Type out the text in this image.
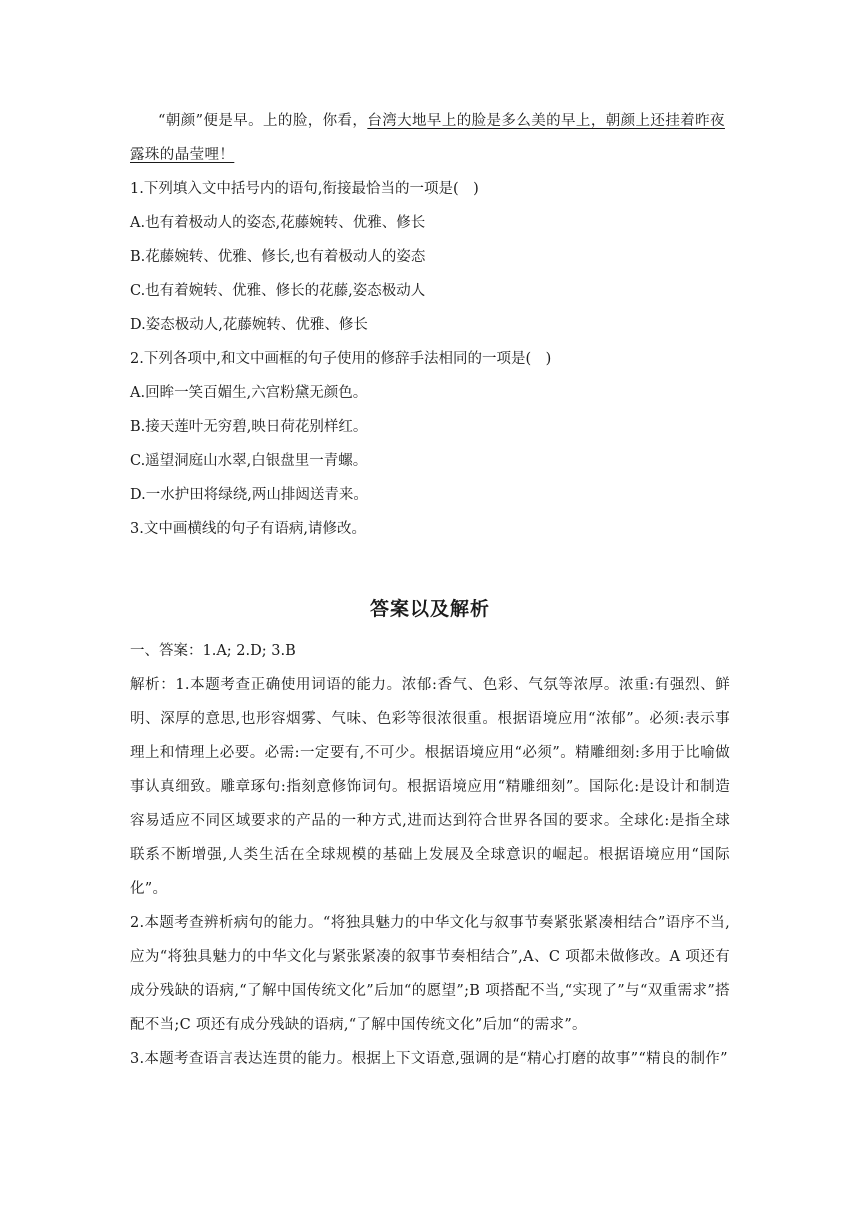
“朝颜”便是早。上的脸，你看，台湾大地早上的脸是多么美的早上，朝颜上还挂着昨夜

露珠的晶莹哩！

1.下列填入文中括号内的语句,衔接最恰当的一项是(　)

A.也有着极动人的姿态,花藤婉转、优雅、修长

B.花藤婉转、优雅、修长,也有着极动人的姿态

C.也有着婉转、优雅、修长的花藤,姿态极动人

D.姿态极动人,花藤婉转、优雅、修长

2.下列各项中,和文中画框的句子使用的修辞手法相同的一项是(　)

A.回眸一笑百媚生,六宫粉黛无颜色。

B.接天莲叶无穷碧,映日荷花别样红。

C.遥望洞庭山水翠,白银盘里一青螺。

D.一水护田将绿绕,两山排闼送青来。

3.文中画横线的句子有语病,请修改。

答案以及解析

一、答案：1.A; 2.D; 3.B

解析：1.本题考查正确使用词语的能力。浓郁:香气、色彩、气氛等浓厚。浓重:有强烈、鲜明、深厚的意思,也形容烟雾、气味、色彩等很浓很重。根据语境应用“浓郁”。必须:表示事理上和情理上必要。必需:一定要有,不可少。根据语境应用“必须”。精雕细刻:多用于比喻做事认真细致。雕章琢句:指刻意修饰词句。根据语境应用“精雕细刻”。国际化:是设计和制造容易适应不同区域要求的产品的一种方式,进而达到符合世界各国的要求。全球化:是指全球联系不断增强,人类生活在全球规模的基础上发展及全球意识的崛起。根据语境应用“国际化”。

2.本题考查辨析病句的能力。“将独具魅力的中华文化与叙事节奏紧张紧凑相结合”语序不当,应为“将独具魅力的中华文化与紧张紧凑的叙事节奏相结合”,A、C 项都未做修改。A 项还有成分残缺的语病,“了解中国传统文化”后加“的愿望”;B 项搭配不当,“实现了”与“双重需求”搭配不当;C 项还有成分残缺的语病,“了解中国传统文化”后加“的需求”。

3.本题考查语言表达连贯的能力。根据上下文语意,强调的是“精心打磨的故事”“精良的制作”
